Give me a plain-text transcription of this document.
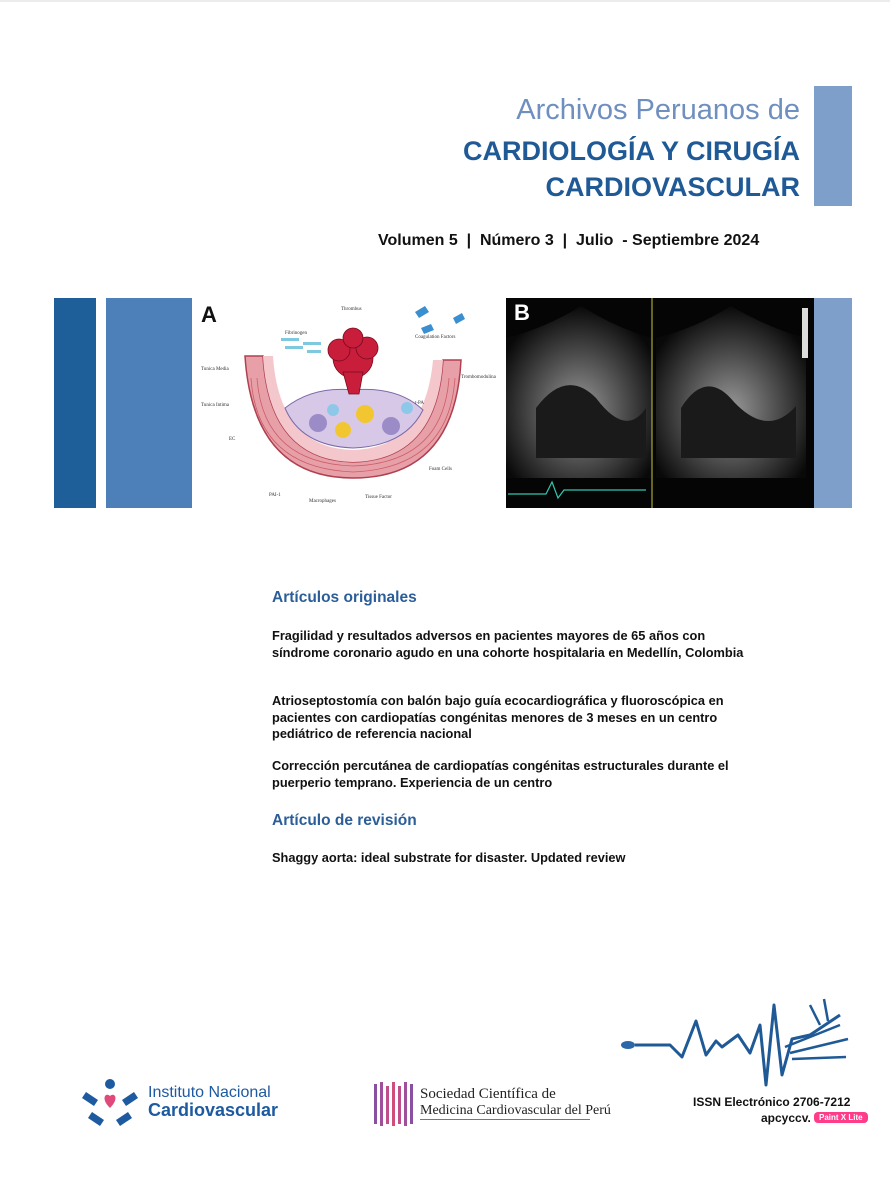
Archivos Peruanos de
CARDIOLOGÍA Y CIRUGÍA
CARDIOVASCULAR
Volumen 5  |  Número 3  |  Julio  - Septiembre 2024
A	Thrombus
Coagulation Factors
Fibrinogen
Tunica Media
Trombomodulina
Tunica Intima	t-PA
EC
Foam Cells
PAI-1	Tissue Factor
Macrophages
B
Artículos originales
Fragilidad y resultados adversos en pacientes mayores de 65 años con síndrome coronario agudo en una cohorte hospitalaria en Medellín, Colombia
Atrioseptostomía con balón bajo guía ecocardiográfica y fluoroscópica en pacientes con cardiopatías congénitas menores de 3 meses en un centro pediátrico de referencia nacional
Corrección percutánea de cardiopatías congénitas estructurales durante el puerperio temprano. Experiencia de un centro
Artículo de revisión
Shaggy aorta: ideal substrate for disaster. Updated review
Instituto Nacional
Cardiovascular
Sociedad Científica de
Medicina Cardiovascular del Perú
ISSN Electrónico 2706-7212
apcyccv.	Paint X Lite
